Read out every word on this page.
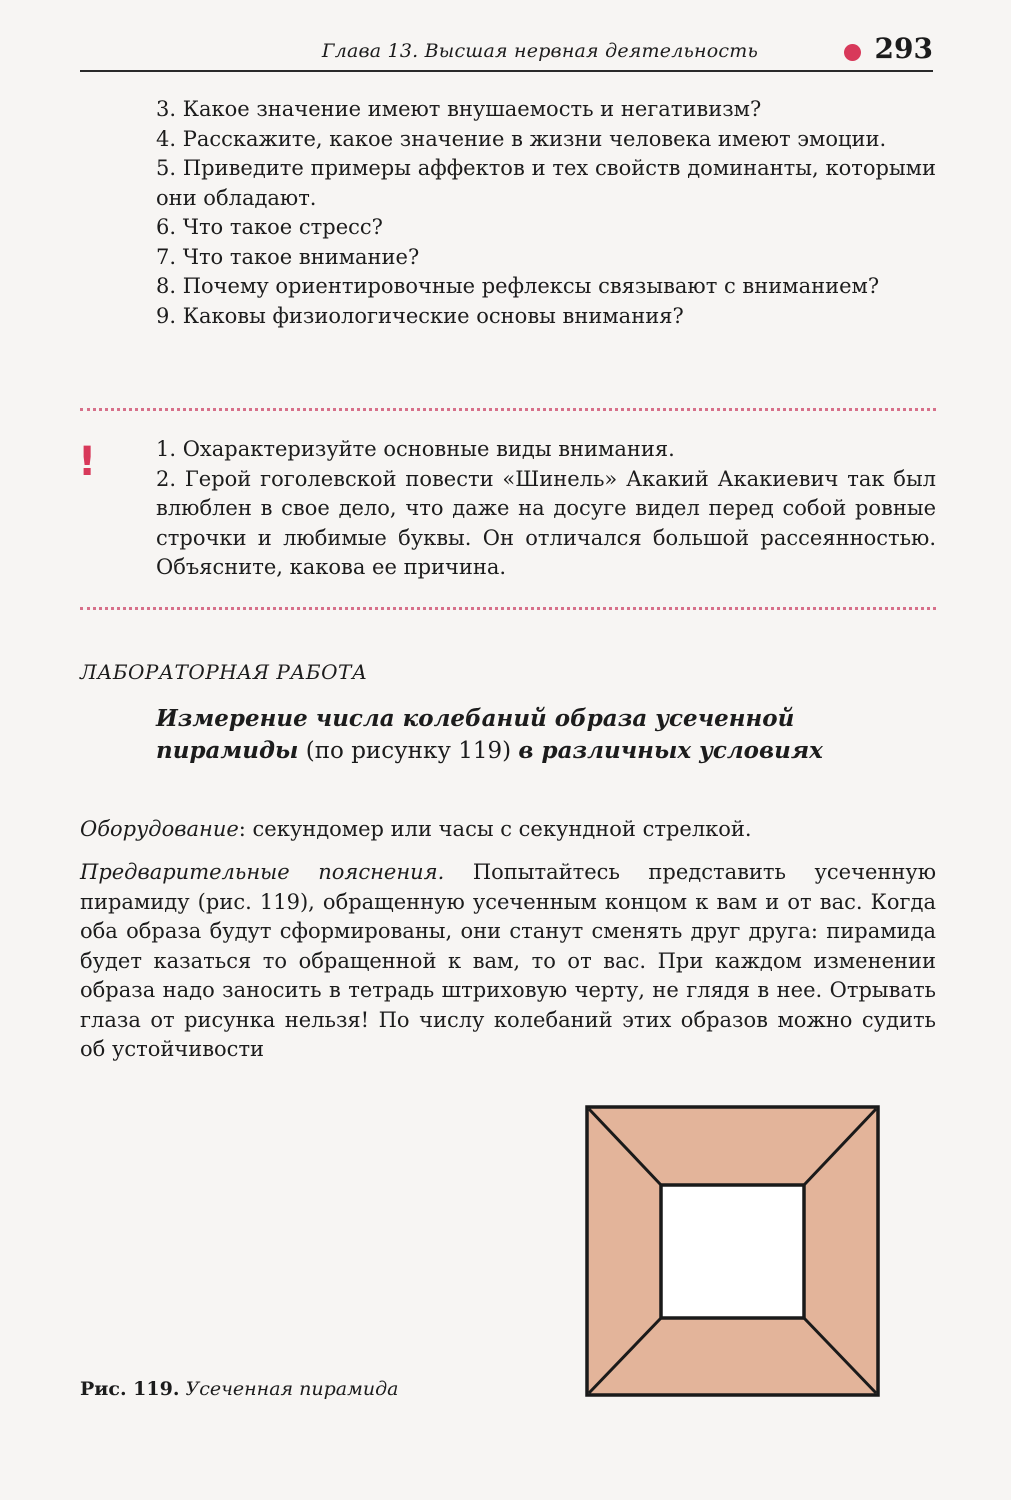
Глава 13. Высшая нервная деятельность	293

3. Какое значение имеют внушаемость и негативизм?

4. Расскажите, какое значение в жизни человека имеют эмоции.

5. Приведите примеры аффектов и тех свойств доминанты, которыми они обладают.

6. Что такое стресс?

7. Что такое внимание?

8. Почему ориентировочные рефлексы связывают с вниманием?

9. Каковы физиологические основы внимания?

!	1. Охарактеризуйте основные виды внимания.

2. Герой гоголевской повести «Шинель» Акакий Акакиевич так был влюблен в свое дело, что даже на досуге видел перед собой ровные строчки и любимые буквы. Он отличался большой рассеянностью. Объясните, какова ее причина.

ЛАБОРАТОРНАЯ РАБОТА
Измерение числа колебаний образа усеченной пирамиды (по рисунку 119) в различных условиях
Оборудование: секундомер или часы с секундной стрелкой.
Предварительные пояснения. Попытайтесь представить усеченную пирамиду (рис. 119), обращенную усеченным концом к вам и от вас. Когда оба образа будут сформированы, они станут сменять друг друга: пирамида будет казаться то обращенной к вам, то от вас. При каждом изменении образа надо заносить в тетрадь штриховую черту, не глядя в нее. Отрывать глаза от рисунка нельзя! По числу колебаний этих образов можно судить об устойчивости
Рис. 119. Усеченная пирамида
